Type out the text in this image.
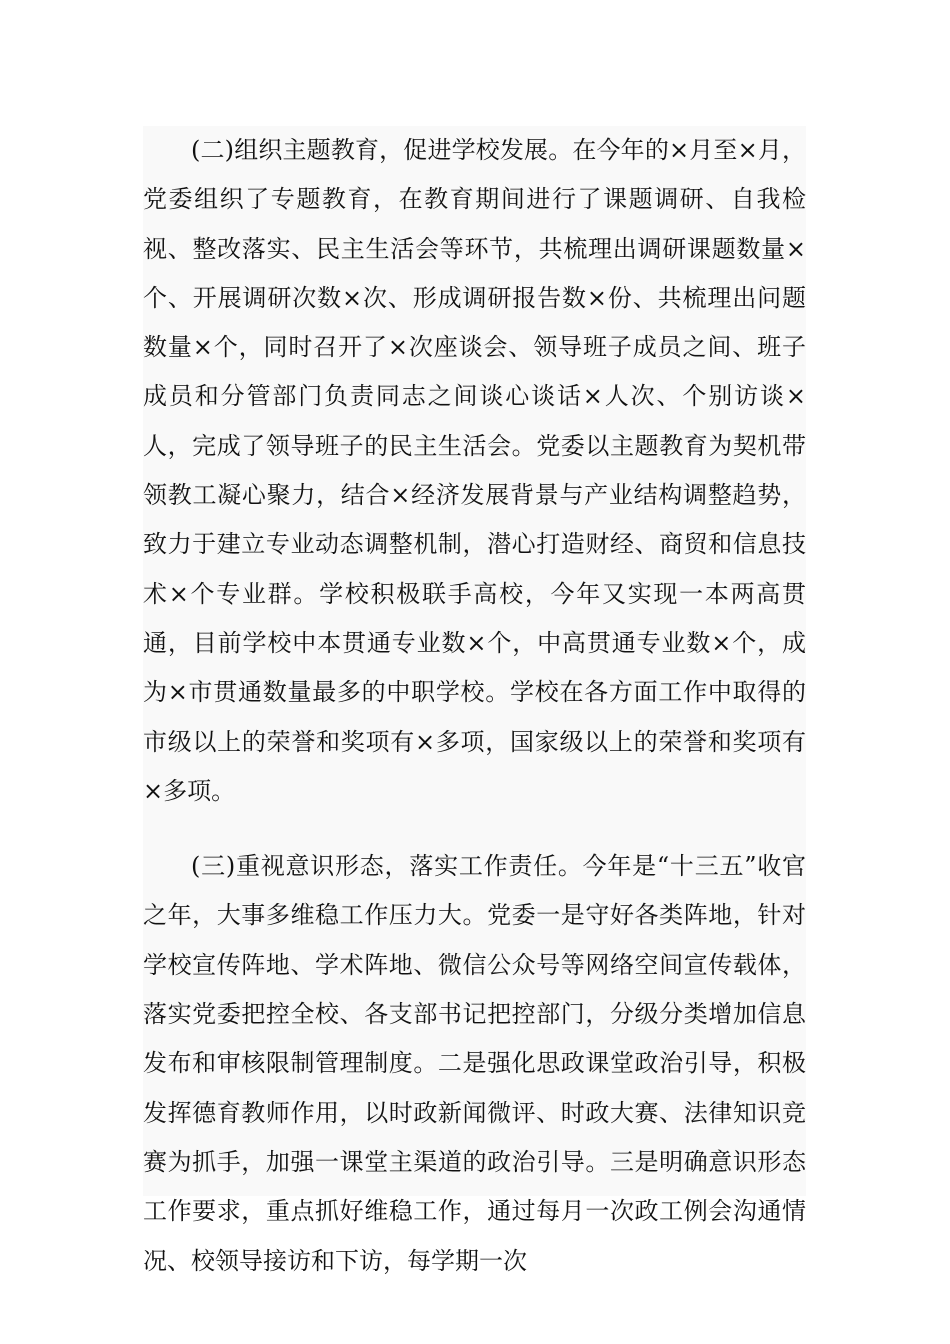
(二)组织主题教育，促进学校发展。在今年的×月至×月，党委组织了专题教育，在教育期间进行了课题调研、自我检视、整改落实、民主生活会等环节，共梳理出调研课题数量×个、开展调研次数×次、形成调研报告数×份、共梳理出问题数量×个，同时召开了×次座谈会、领导班子成员之间、班子成员和分管部门负责同志之间谈心谈话×人次、个别访谈×人，完成了领导班子的民主生活会。党委以主题教育为契机带领教工凝心聚力，结合×经济发展背景与产业结构调整趋势，致力于建立专业动态调整机制，潜心打造财经、商贸和信息技术×个专业群。学校积极联手高校，今年又实现一本两高贯通，目前学校中本贯通专业数×个，中高贯通专业数×个，成为×市贯通数量最多的中职学校。学校在各方面工作中取得的市级以上的荣誉和奖项有×多项，国家级以上的荣誉和奖项有×多项。

(三)重视意识形态，落实工作责任。今年是“十三五”收官之年，大事多维稳工作压力大。党委一是守好各类阵地，针对学校宣传阵地、学术阵地、微信公众号等网络空间宣传载体，落实党委把控全校、各支部书记把控部门，分级分类增加信息发布和审核限制管理制度。二是强化思政课堂政治引导，积极发挥德育教师作用，以时政新闻微评、时政大赛、法律知识竞赛为抓手，加强一课堂主渠道的政治引导。三是明确意识形态工作要求，重点抓好维稳工作，通过每月一次政工例会沟通情况、校领导接访和下访，每学期一次
